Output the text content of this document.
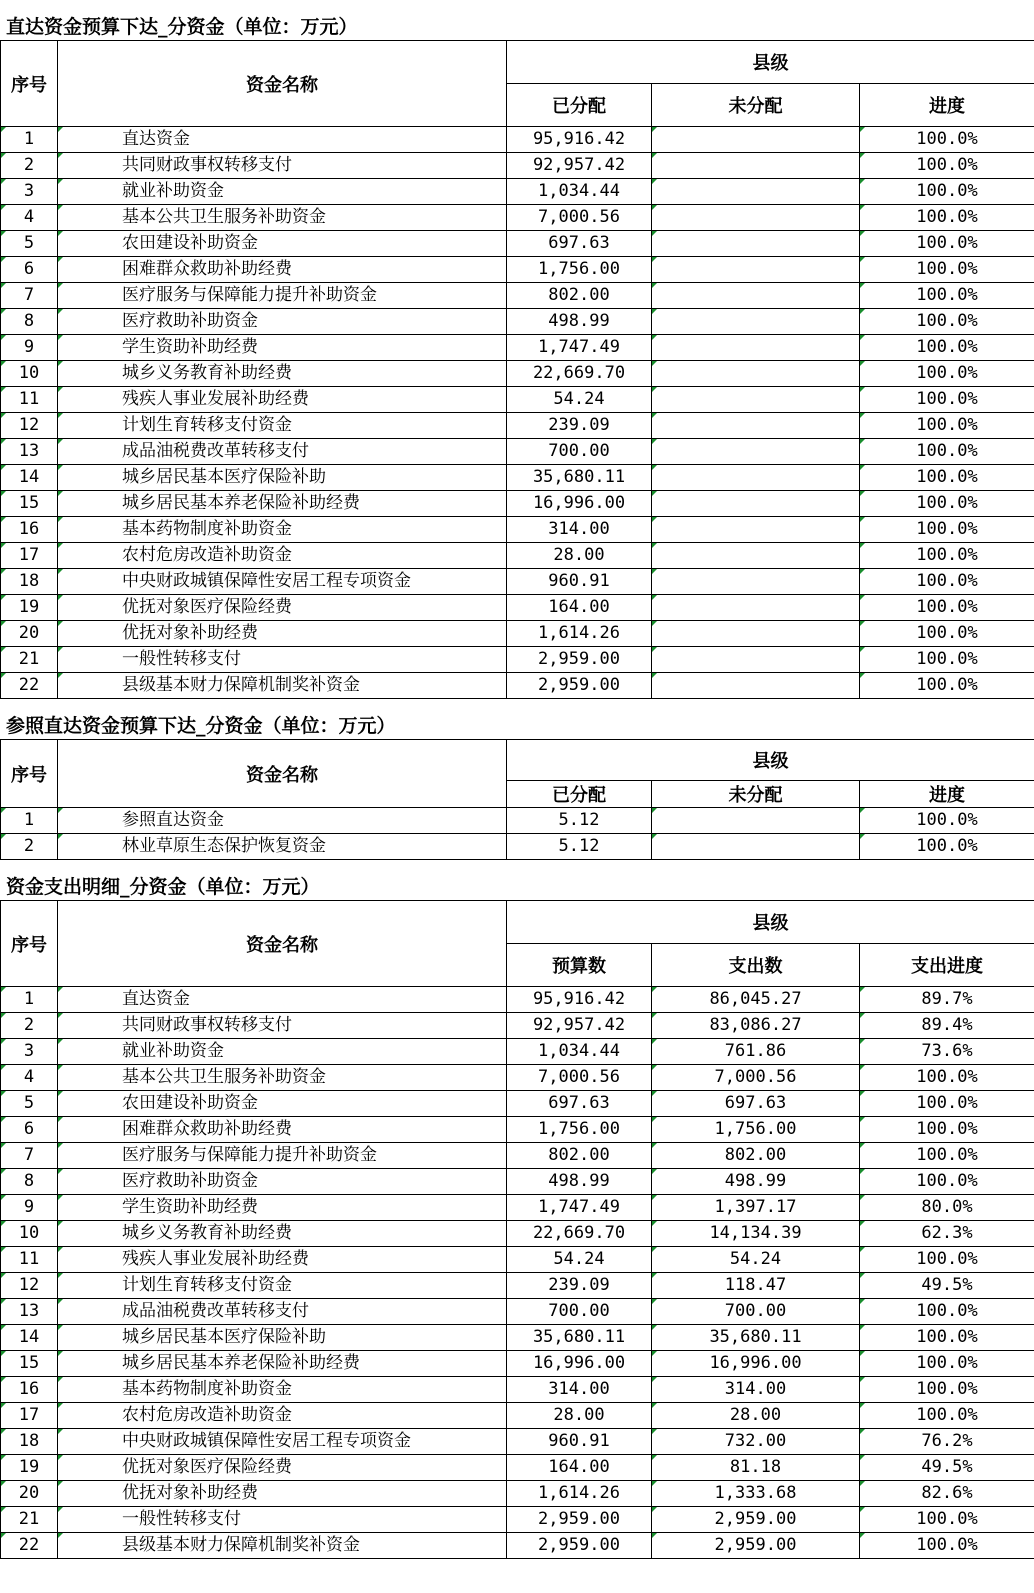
直达资金预算下达_分资金（单位：万元）
序号	资金名称	县级		
		已分配	未分配	进度
1	直达资金	95,916.42		100.0%
2	共同财政事权转移支付	92,957.42		100.0%
3	就业补助资金	1,034.44		100.0%
4	基本公共卫生服务补助资金	7,000.56		100.0%
5	农田建设补助资金	697.63		100.0%
6	困难群众救助补助经费	1,756.00		100.0%
7	医疗服务与保障能力提升补助资金	802.00		100.0%
8	医疗救助补助资金	498.99		100.0%
9	学生资助补助经费	1,747.49		100.0%
10	城乡义务教育补助经费	22,669.70		100.0%
11	残疾人事业发展补助经费	54.24		100.0%
12	计划生育转移支付资金	239.09		100.0%
13	成品油税费改革转移支付	700.00		100.0%
14	城乡居民基本医疗保险补助	35,680.11		100.0%
15	城乡居民基本养老保险补助经费	16,996.00		100.0%
16	基本药物制度补助资金	314.00		100.0%
17	农村危房改造补助资金	28.00		100.0%
18	中央财政城镇保障性安居工程专项资金	960.91		100.0%
19	优抚对象医疗保险经费	164.00		100.0%
20	优抚对象补助经费	1,614.26		100.0%
21	一般性转移支付	2,959.00		100.0%
22	县级基本财力保障机制奖补资金	2,959.00		100.0%
参照直达资金预算下达_分资金（单位：万元）
序号	资金名称	县级		
		已分配	未分配	进度
1	参照直达资金	5.12		100.0%
2	林业草原生态保护恢复资金	5.12		100.0%
资金支出明细_分资金（单位：万元）
序号	资金名称	县级		
		预算数	支出数	支出进度
1	直达资金	95,916.42	86,045.27	89.7%
2	共同财政事权转移支付	92,957.42	83,086.27	89.4%
3	就业补助资金	1,034.44	761.86	73.6%
4	基本公共卫生服务补助资金	7,000.56	7,000.56	100.0%
5	农田建设补助资金	697.63	697.63	100.0%
6	困难群众救助补助经费	1,756.00	1,756.00	100.0%
7	医疗服务与保障能力提升补助资金	802.00	802.00	100.0%
8	医疗救助补助资金	498.99	498.99	100.0%
9	学生资助补助经费	1,747.49	1,397.17	80.0%
10	城乡义务教育补助经费	22,669.70	14,134.39	62.3%
11	残疾人事业发展补助经费	54.24	54.24	100.0%
12	计划生育转移支付资金	239.09	118.47	49.5%
13	成品油税费改革转移支付	700.00	700.00	100.0%
14	城乡居民基本医疗保险补助	35,680.11	35,680.11	100.0%
15	城乡居民基本养老保险补助经费	16,996.00	16,996.00	100.0%
16	基本药物制度补助资金	314.00	314.00	100.0%
17	农村危房改造补助资金	28.00	28.00	100.0%
18	中央财政城镇保障性安居工程专项资金	960.91	732.00	76.2%
19	优抚对象医疗保险经费	164.00	81.18	49.5%
20	优抚对象补助经费	1,614.26	1,333.68	82.6%
21	一般性转移支付	2,959.00	2,959.00	100.0%
22	县级基本财力保障机制奖补资金	2,959.00	2,959.00	100.0%
